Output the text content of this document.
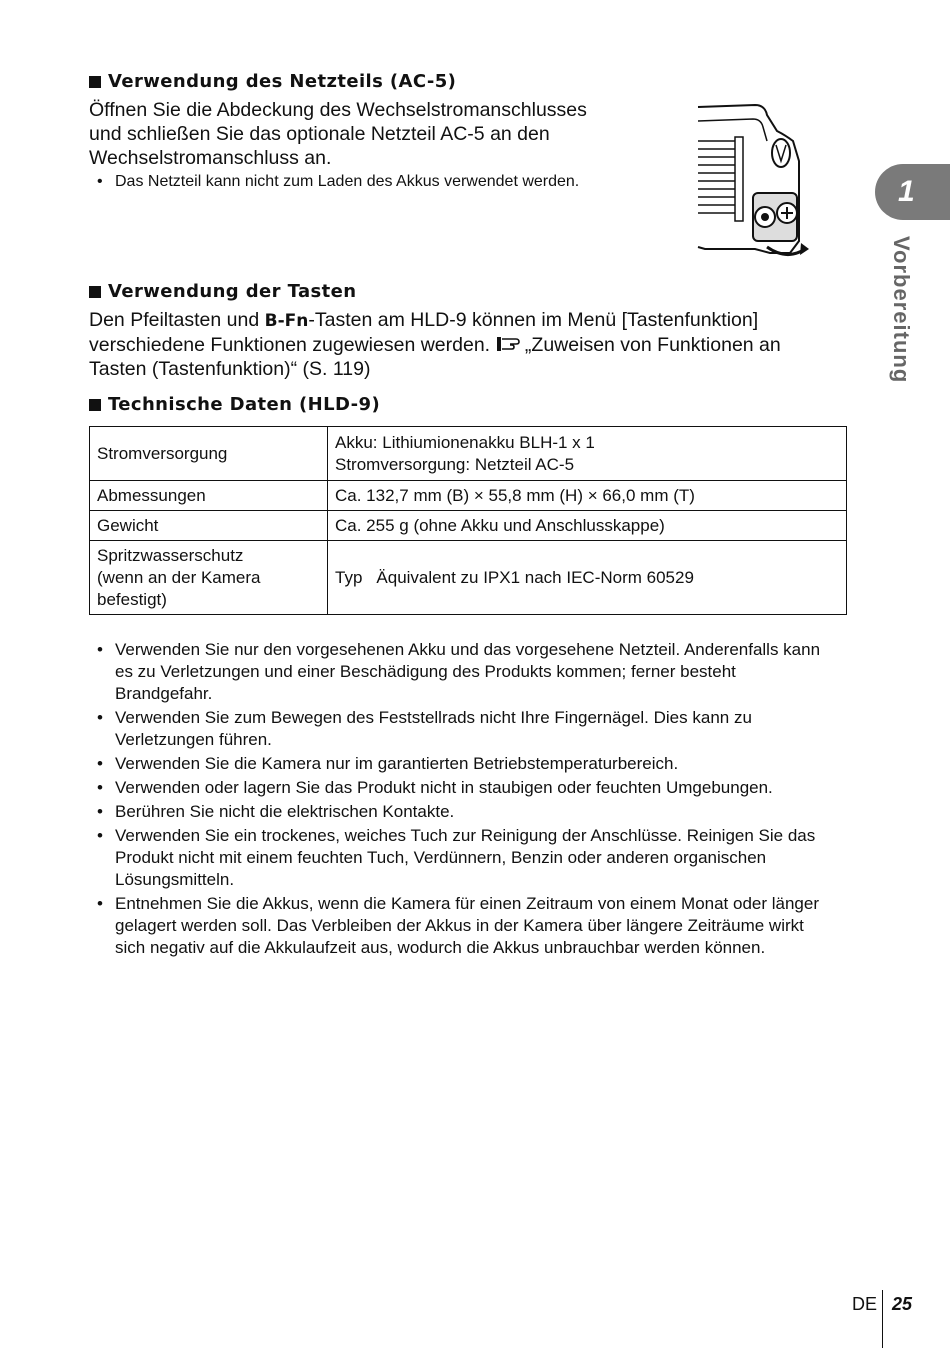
Verwendung des Netzteils (AC-5)
Öffnen Sie die Abdeckung des Wechselstromanschlusses
und schließen Sie das optionale Netzteil AC-5 an den
Wechselstromanschluss an.
• Das Netzteil kann nicht zum Laden des Akkus verwendet werden.
Verwendung der Tasten
Den Pfeiltasten und B-Fn-Tasten am HLD-9 können im Menü [Tastenfunktion]
verschiedene Funktionen zugewiesen werden.  „Zuweisen von Funktionen an
Tasten (Tastenfunktion)“ (S. 119)
Technische Daten (HLD-9)
Stromversorgung	Akku: Lithiumionenakku BLH-1 x 1
Stromversorgung: Netzteil AC-5

Abmessungen	Ca. 132,7 mm (B) × 55,8 mm (H) × 66,0 mm (T)
Gewicht	Ca. 255 g (ohne Akku und Anschlusskappe)

Spritzwasserschutz
(wenn an der Kamera
befestigt)	Typ Äquivalent zu IPX1 nach IEC-Norm 60529
• Verwenden Sie nur den vorgesehenen Akku und das vorgesehene Netzteil. Anderenfalls kann es zu Verletzungen und einer Beschädigung des Produkts kommen; ferner besteht Brandgefahr.
• Verwenden Sie zum Bewegen des Feststellrads nicht Ihre Fingernägel. Dies kann zu Verletzungen führen.
• Verwenden Sie die Kamera nur im garantierten Betriebstemperaturbereich.
• Verwenden oder lagern Sie das Produkt nicht in staubigen oder feuchten Umgebungen.
• Berühren Sie nicht die elektrischen Kontakte.
• Verwenden Sie ein trockenes, weiches Tuch zur Reinigung der Anschlüsse. Reinigen Sie das Produkt nicht mit einem feuchten Tuch, Verdünnern, Benzin oder anderen organischen Lösungsmitteln.
• Entnehmen Sie die Akkus, wenn die Kamera für einen Zeitraum von einem Monat oder länger gelagert werden soll. Das Verbleiben der Akkus in der Kamera über längere Zeiträume wirkt sich negativ auf die Akkulaufzeit aus, wodurch die Akkus unbrauchbar werden können.
1
Vorbereitung
DE 25
